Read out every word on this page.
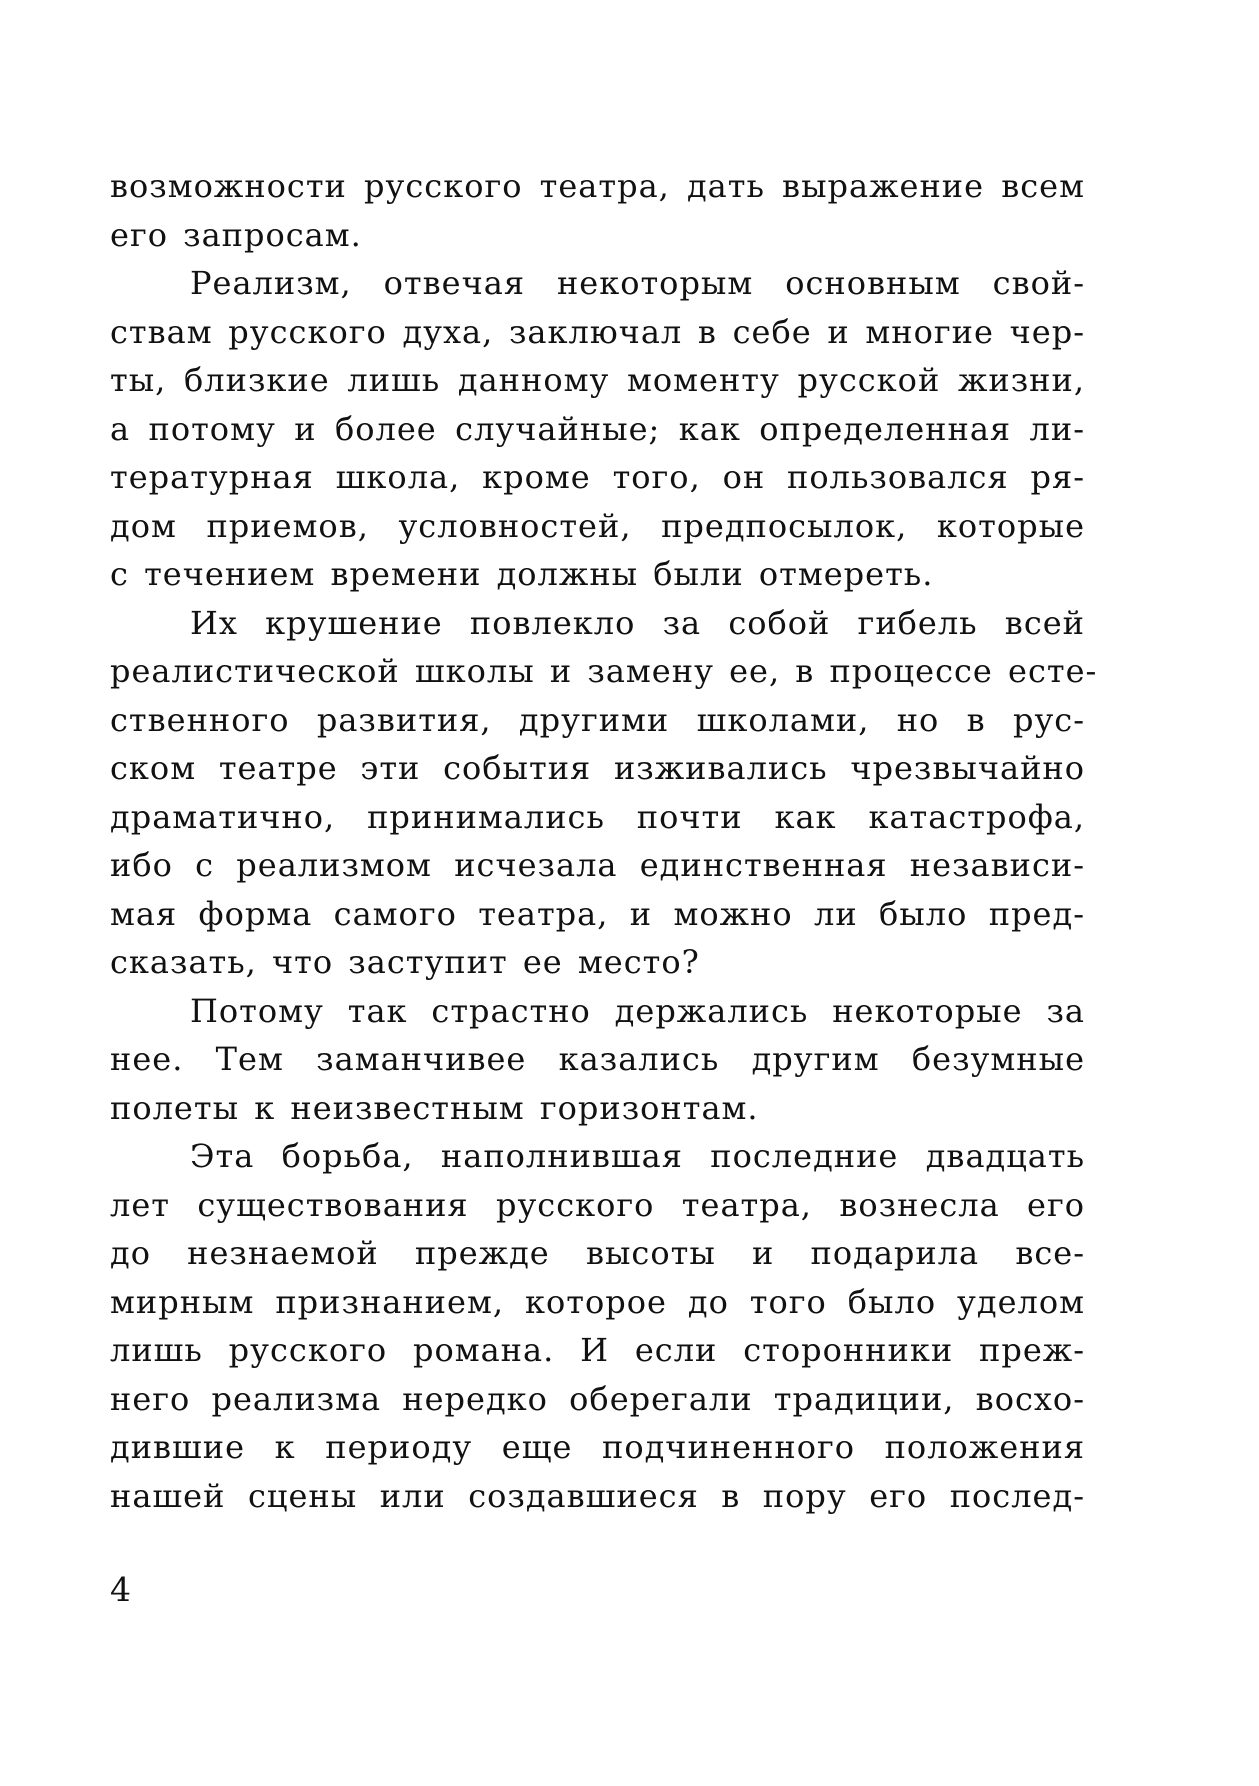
возможности русского театра, дать выражение всем
его запросам.
Реализм, отвечая некоторым основным свой-
ствам русского духа, заключал в себе и многие чер-
ты, близкие лишь данному моменту русской жизни,
а потому и более случайные; как определенная ли-
тературная школа, кроме того, он пользовался ря-
дом приемов, условностей, предпосылок, которые
с течением времени должны были отмереть.
Их крушение повлекло за собой гибель всей
реалистической школы и замену ее, в процессе есте-
ственного развития, другими школами, но в рус-
ском театре эти события изживались чрезвычайно
драматично, принимались почти как катастрофа,
ибо с реализмом исчезала единственная независи-
мая форма самого театра, и можно ли было пред-
сказать, что заступит ее место?
Потому так страстно держались некоторые за
нее. Тем заманчивее казались другим безумные
полеты к неизвестным горизонтам.
Эта борьба, наполнившая последние двадцать
лет существования русского театра, вознесла его
до незнаемой прежде высоты и подарила все-
мирным признанием, которое до того было уделом
лишь русского романа. И если сторонники преж-
него реализма нередко оберегали традиции, восхо-
дившие к периоду еще подчиненного положения
нашей сцены или создавшиеся в пору его послед-
4
